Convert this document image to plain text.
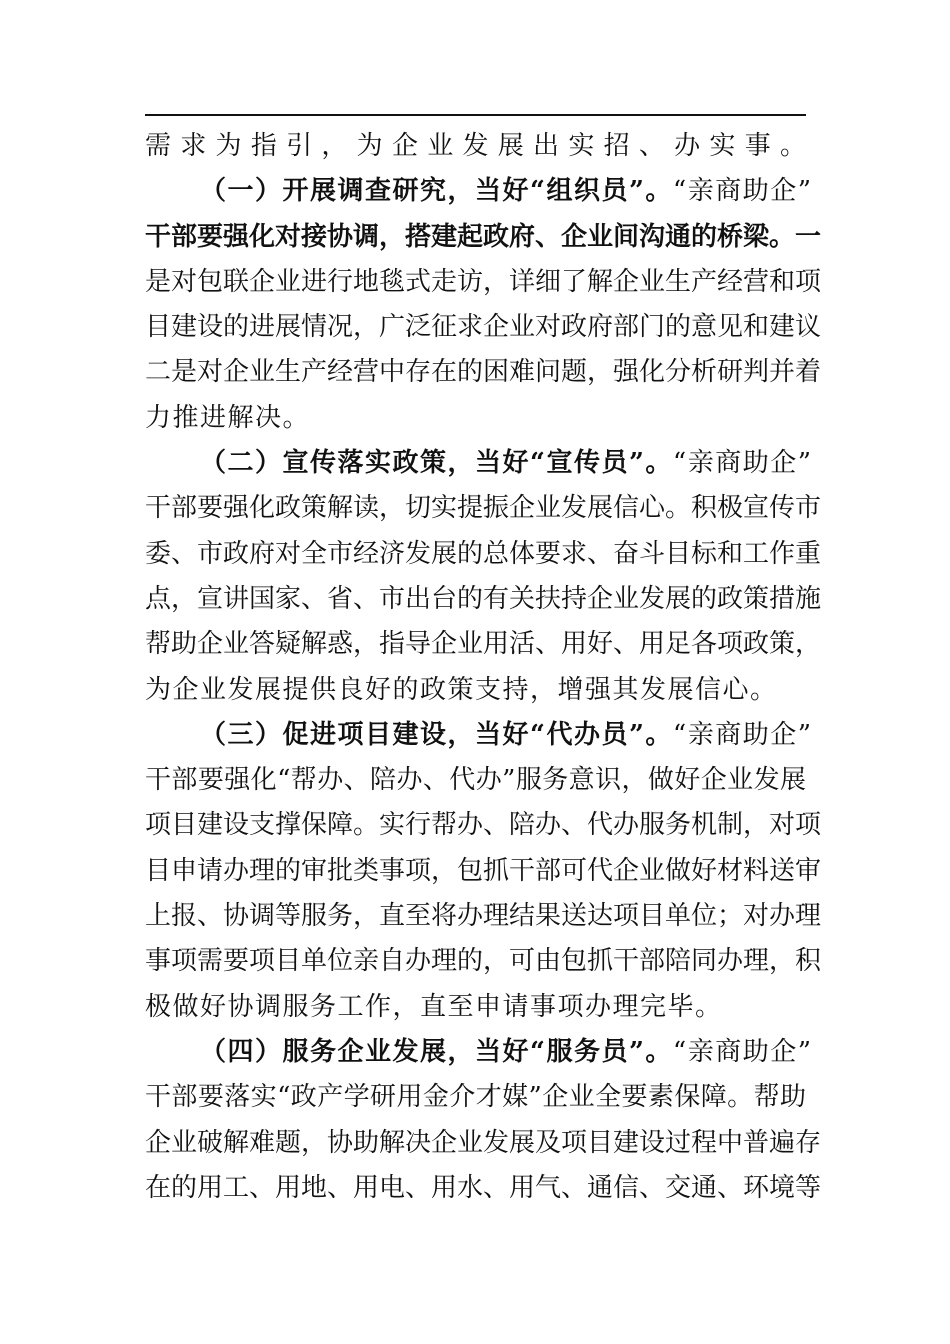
需求为指引，为企业发展出实招、办实事。
（一）开展调查研究，当好“组织员”。“亲商助企”
干部要强化对接协调，搭建起政府、企业间沟通的桥梁。一
是对包联企业进行地毯式走访，详细了解企业生产经营和项
目建设的进展情况，广泛征求企业对政府部门的意见和建议
二是对企业生产经营中存在的困难问题，强化分析研判并着
力推进解决。
（二）宣传落实政策，当好“宣传员”。“亲商助企”
干部要强化政策解读，切实提振企业发展信心。积极宣传市
委、市政府对全市经济发展的总体要求、奋斗目标和工作重
点，宣讲国家、省、市出台的有关扶持企业发展的政策措施
帮助企业答疑解惑，指导企业用活、用好、用足各项政策，
为企业发展提供良好的政策支持，增强其发展信心。
（三）促进项目建设，当好“代办员”。“亲商助企”
干部要强化“帮办、陪办、代办”服务意识，做好企业发展
项目建设支撑保障。实行帮办、陪办、代办服务机制，对项
目申请办理的审批类事项，包抓干部可代企业做好材料送审
上报、协调等服务，直至将办理结果送达项目单位；对办理
事项需要项目单位亲自办理的，可由包抓干部陪同办理，积
极做好协调服务工作，直至申请事项办理完毕。
（四）服务企业发展，当好“服务员”。“亲商助企”
干部要落实“政产学研用金介才媒”企业全要素保障。帮助
企业破解难题，协助解决企业发展及项目建设过程中普遍存
在的用工、用地、用电、用水、用气、通信、交通、环境等
